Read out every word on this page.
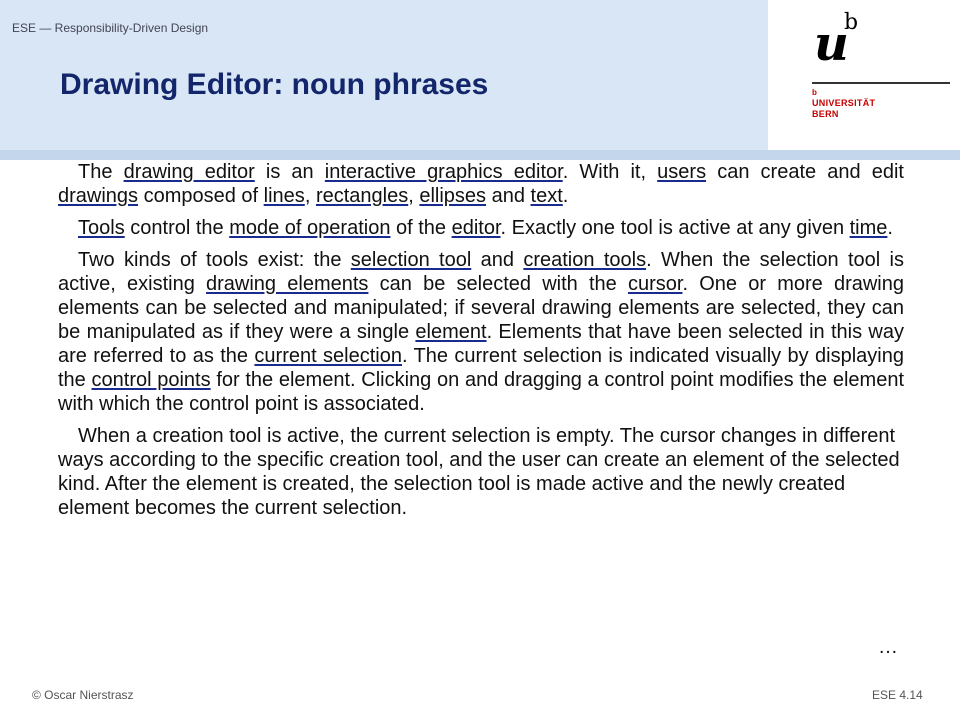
ESE — Responsibility-Driven Design
Drawing Editor: noun phrases
u
b
b
UNIVERSITÄT
BERN

The drawing editor is an interactive graphics editor. With it, users can create and edit drawings composed of lines, rectangles, ellipses and text.

Tools control the mode of operation of the editor. Exactly one tool is active at any given time.

Two kinds of tools exist: the selection tool and creation tools. When the selection tool is active, existing drawing elements can be selected with the cursor. One or more drawing elements can be selected and manipulated; if several drawing elements are selected, they can be manipulated as if they were a single element. Elements that have been selected in this way are referred to as the current selection. The current selection is indicated visually by displaying the control points for the element. Clicking on and dragging a control point modifies the element with which the control point is associated.

When a creation tool is active, the current selection is empty. The cursor changes in different ways according to the specific creation tool, and the user can create an element of the selected kind. After the element is created, the selection tool is made active and the newly created element becomes the current selection.

…
© Oscar Nierstrasz	ESE 4.14
